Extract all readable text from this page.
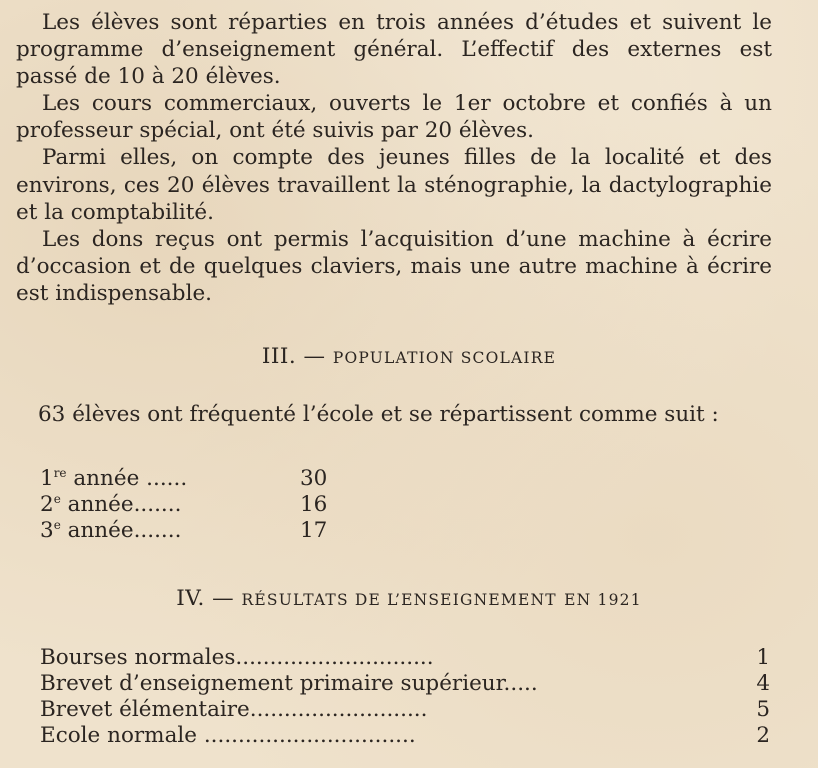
Les élèves sont réparties en trois années d’études et suivent le programme d’enseignement général. L’effectif des externes est passé de 10 à 20 élèves.

Les cours commerciaux, ouverts le 1er octobre et confiés à un professeur spécial, ont été suivis par 20 élèves.

Parmi elles, on compte des jeunes filles de la localité et des environs, ces 20 élèves travaillent la sténographie, la dactylographie et la comptabilité.

Les dons reçus ont permis l’acquisition d’une machine à écrire d’occasion et de quelques claviers, mais une autre machine à écrire est indispensable.

III. — POPULATION SCOLAIRE

63 élèves ont fréquenté l’école et se répartissent comme suit :

1re année ......	30
2e année.......	16
3e année.......	17
IV. — RÉSULTATS DE L’ENSEIGNEMENT EN 1921
Bourses normales.............................	1
Brevet d’enseignement primaire supérieur.....	4
Brevet élémentaire..........................	5
Ecole normale ...............................	2
